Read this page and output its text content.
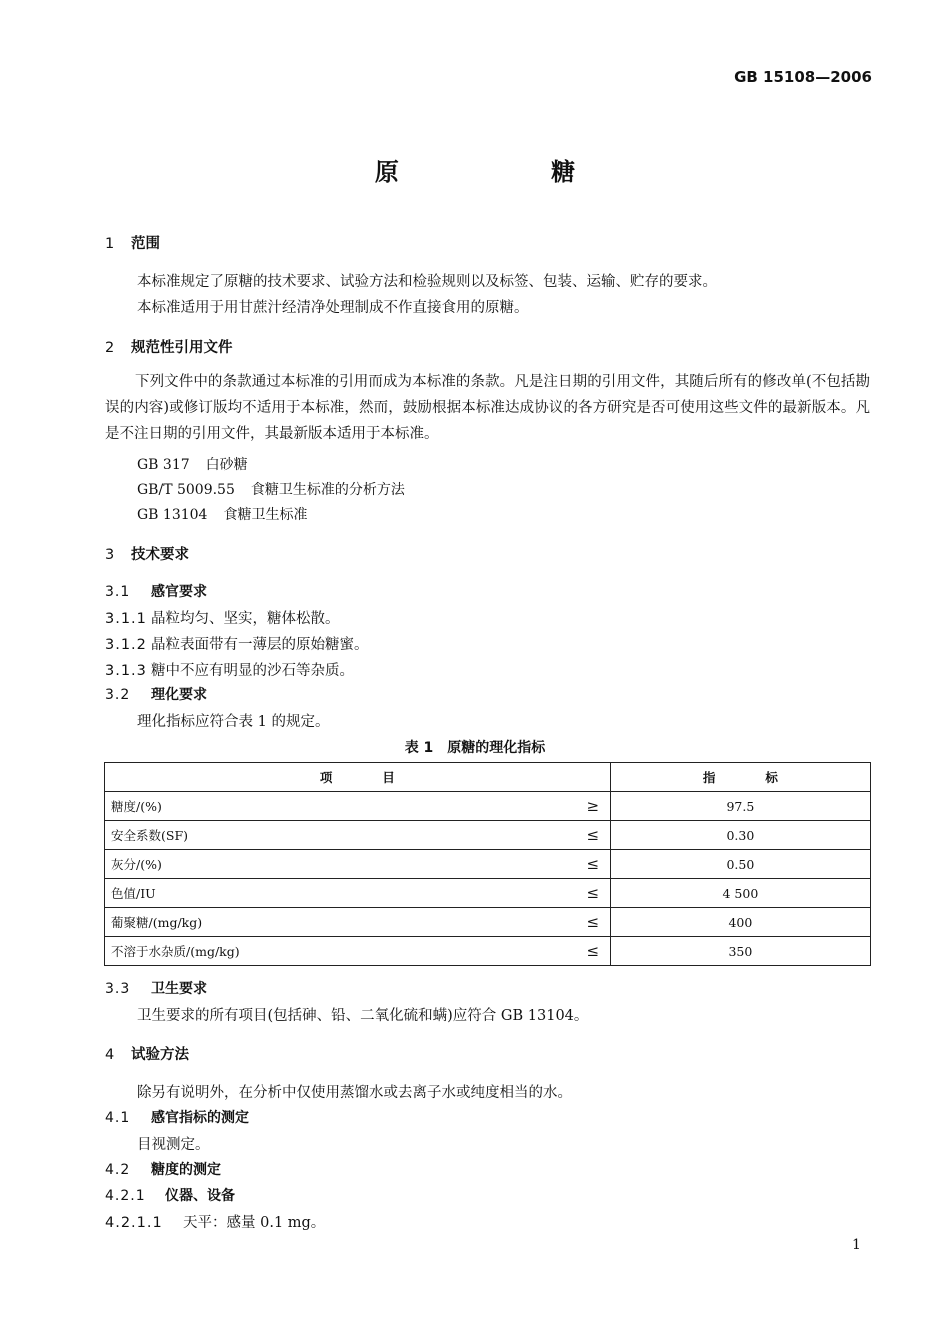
GB 15108—2006
原 糖
1 范围
本标准规定了原糖的技术要求、试验方法和检验规则以及标签、包装、运输、贮存的要求。
本标准适用于用甘蔗汁经清净处理制成不作直接食用的原糖。
2 规范性引用文件
下列文件中的条款通过本标准的引用而成为本标准的条款。凡是注日期的引用文件，其随后所有的修改单(不包括勘误的内容)或修订版均不适用于本标准，然而，鼓励根据本标准达成协议的各方研究是否可使用这些文件的最新版本。凡是不注日期的引用文件，其最新版本适用于本标准。
GB 317 白砂糖
GB/T 5009.55 食糖卫生标准的分析方法
GB 13104 食糖卫生标准
3 技术要求
3.1 感官要求
3.1.1 晶粒均匀、坚实，糖体松散。
3.1.2 晶粒表面带有一薄层的原始糖蜜。
3.1.3 糖中不应有明显的沙石等杂质。
3.2 理化要求
理化指标应符合表 1 的规定。
表 1　原糖的理化指标
项目		指标
糖度/(%)	≥	97.5
安全系数(SF)	≤	0.30
灰分/(%)	≤	0.50
色值/IU	≤	4 500
葡聚糖/(mg/kg)	≤	400
不溶于水杂质/(mg/kg)	≤	350
3.3 卫生要求
卫生要求的所有项目(包括砷、铅、二氧化硫和螨)应符合 GB 13104。
4 试验方法
除另有说明外，在分析中仅使用蒸馏水或去离子水或纯度相当的水。
4.1 感官指标的测定
目视测定。
4.2 糖度的测定
4.2.1 仪器、设备
4.2.1.1 天平：感量 0.1 mg。
1
